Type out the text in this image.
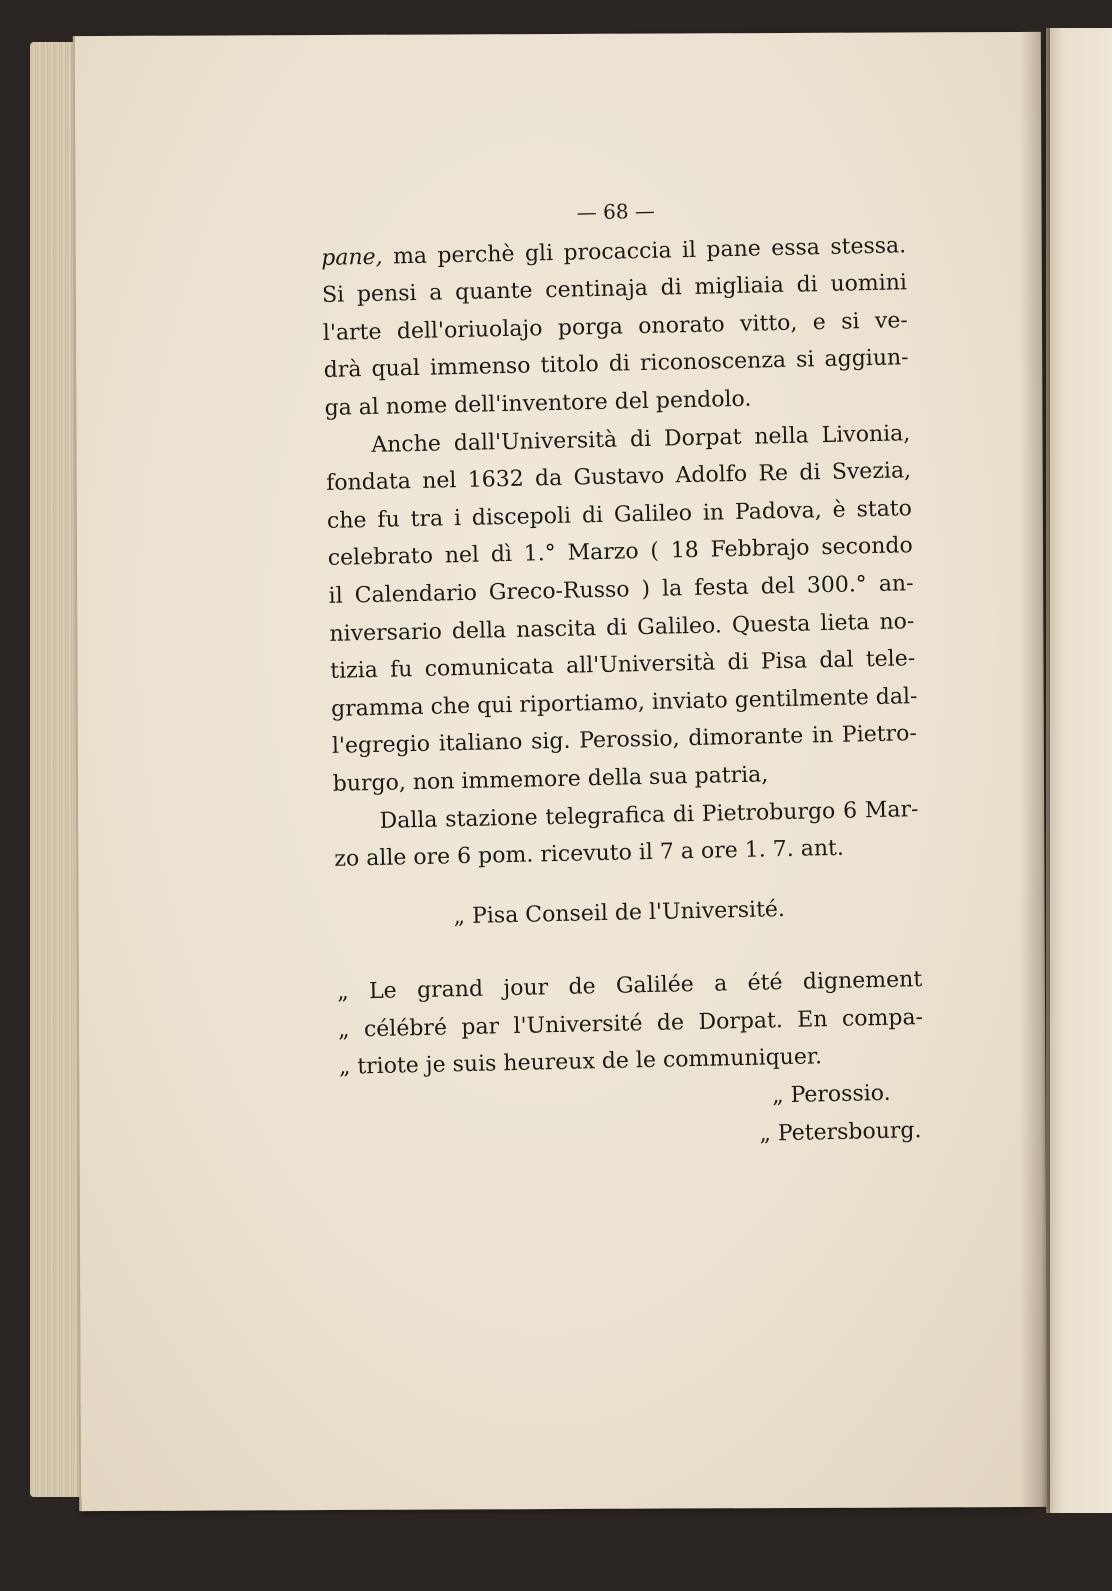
— 68 —
pane, ma perchè gli procaccia il pane essa stessa.
Si pensi a quante centinaja di migliaia di uomini
l'arte dell'oriuolajo porga onorato vitto, e si ve-
drà qual immenso titolo di riconoscenza si aggiun-
ga al nome dell'inventore del pendolo.
Anche dall'Università di Dorpat nella Livonia,
fondata nel 1632 da Gustavo Adolfo Re di Svezia,
che fu tra i discepoli di Galileo in Padova, è stato
celebrato nel dì 1.° Marzo ( 18 Febbrajo secondo
il Calendario Greco-Russo ) la festa del 300.° an-
niversario della nascita di Galileo. Questa lieta no-
tizia fu comunicata all'Università di Pisa dal tele-
gramma che qui riportiamo, inviato gentilmente dal-
l'egregio italiano sig. Perossio, dimorante in Pietro-
burgo, non immemore della sua patria,
Dalla stazione telegrafica di Pietroburgo 6 Mar-
zo alle ore 6 pom. ricevuto il 7 a ore 1. 7. ant.
„ Pisa Conseil de l'Université.
„ Le grand jour de Galilée a été dignement
„ célébré par l'Université de Dorpat. En compa-
„ triote je suis heureux de le communiquer.
„ Perossio.
„ Petersbourg.
